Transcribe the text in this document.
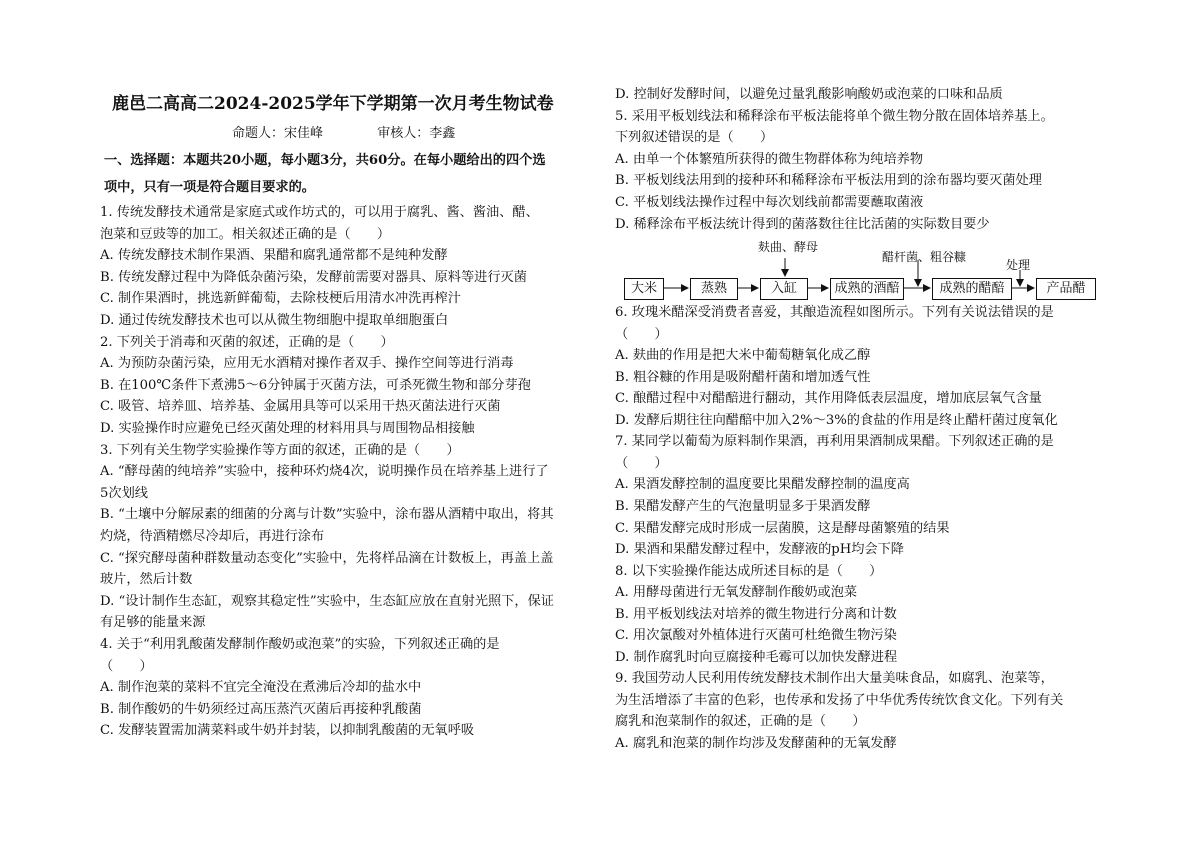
鹿邑二高高二2024-2025学年下学期第一次月考生物试卷
命题人：宋佳峰	审核人：李鑫
一、选择题：本题共20小题，每小题3分，共60分。在每小题给出的四个选
项中，只有一项是符合题目要求的。
1. 传统发酵技术通常是家庭式或作坊式的，可以用于腐乳、酱、酱油、醋、
泡菜和豆豉等的加工。相关叙述正确的是（　　）
A. 传统发酵技术制作果酒、果醋和腐乳通常都不是纯种发酵
B. 传统发酵过程中为降低杂菌污染，发酵前需要对器具、原料等进行灭菌
C. 制作果酒时，挑选新鲜葡萄，去除枝梗后用清水冲洗再榨汁
D. 通过传统发酵技术也可以从微生物细胞中提取单细胞蛋白
2. 下列关于消毒和灭菌的叙述，正确的是（　　）
A. 为预防杂菌污染，应用无水酒精对操作者双手、操作空间等进行消毒
B. 在100℃条件下煮沸5～6分钟属于灭菌方法，可杀死微生物和部分芽孢
C. 吸管、培养皿、培养基、金属用具等可以采用干热灭菌法进行灭菌
D. 实验操作时应避免已经灭菌处理的材料用具与周围物品相接触
3. 下列有关生物学实验操作等方面的叙述，正确的是（　　）
A. “酵母菌的纯培养”实验中，接种环灼烧4次，说明操作员在培养基上进行了
5次划线
B. “土壤中分解尿素的细菌的分离与计数”实验中，涂布器从酒精中取出，将其
灼烧，待酒精燃尽冷却后，再进行涂布
C. “探究酵母菌种群数量动态变化”实验中，先将样品滴在计数板上，再盖上盖
玻片，然后计数
D. “设计制作生态缸，观察其稳定性”实验中，生态缸应放在直射光照下，保证
有足够的能量来源
4. 关于“利用乳酸菌发酵制作酸奶或泡菜”的实验，下列叙述正确的是
（　　）
A. 制作泡菜的菜料不宜完全淹没在煮沸后冷却的盐水中
B. 制作酸奶的牛奶须经过高压蒸汽灭菌后再接种乳酸菌
C. 发酵装置需加满菜料或牛奶并封装，以抑制乳酸菌的无氧呼吸
D. 控制好发酵时间，以避免过量乳酸影响酸奶或泡菜的口味和品质
5. 采用平板划线法和稀释涂布平板法能将单个微生物分散在固体培养基上。
下列叙述错误的是（　　）
A. 由单一个体繁殖所获得的微生物群体称为纯培养物
B. 平板划线法用到的接种环和稀释涂布平板法用到的涂布器均要灭菌处理
C. 平板划线法操作过程中每次划线前都需要蘸取菌液
D. 稀释涂布平板法统计得到的菌落数往往比活菌的实际数目要少
6. 玫瑰米醋深受消费者喜爱，其酿造流程如图所示。下列有关说法错误的是
（　　）
A. 麸曲的作用是把大米中葡萄糖氧化成乙醇
B. 粗谷糠的作用是吸附醋杆菌和增加透气性
C. 酿醋过程中对醋醅进行翻动，其作用降低表层温度，增加底层氧气含量
D. 发酵后期往往向醋醅中加入2%～3%的食盐的作用是终止醋杆菌过度氧化
7. 某同学以葡萄为原料制作果酒，再利用果酒制成果醋。下列叙述正确的是
（　　）
A. 果酒发酵控制的温度要比果醋发酵控制的温度高
B. 果醋发酵产生的气泡量明显多于果酒发酵
C. 果醋发酵完成时形成一层菌膜，这是酵母菌繁殖的结果
D. 果酒和果醋发酵过程中，发酵液的pH均会下降
8. 以下实验操作能达成所述目标的是（　　）
A. 用酵母菌进行无氧发酵制作酸奶或泡菜
B. 用平板划线法对培养的微生物进行分离和计数
C. 用次氯酸对外植体进行灭菌可杜绝微生物污染
D. 制作腐乳时向豆腐接种毛霉可以加快发酵进程
9. 我国劳动人民利用传统发酵技术制作出大量美味食品，如腐乳、泡菜等，
为生活增添了丰富的色彩，也传承和发扬了中华优秀传统饮食文化。下列有关
腐乳和泡菜制作的叙述，正确的是（　　）
A. 腐乳和泡菜的制作均涉及发酵菌种的无氧发酵
麸曲、酵母
醋杆菌、粗谷糠
处理
大米	蒸熟	入缸	成熟的酒醅	成熟的醋醅	产品醋
